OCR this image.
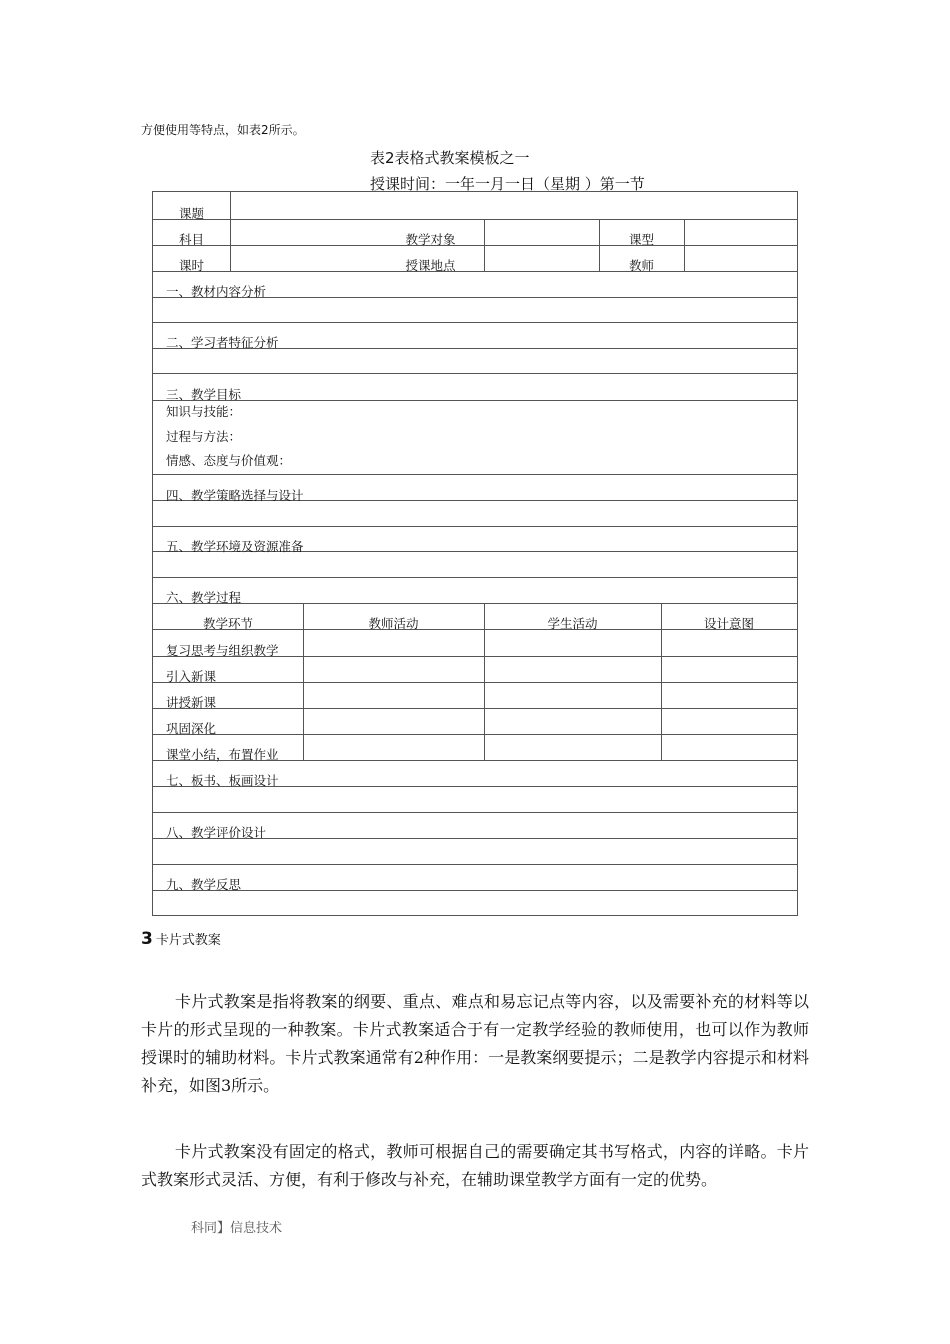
方便使用等特点，如表2所示。
表2表格式教案模板之一
授课时间：一年一月一日（星期 ）第一节
课题
科目	教学对象	课型
课时	授课地点	教师
一、教材内容分析
二、学习者特征分析
三、教学目标
知识与技能：
过程与方法：
情感、态度与价值观：
四、教学策略选择与设计
五、教学环境及资源准备
六、教学过程
教学环节	教师活动	学生活动	设计意图
复习思考与组织教学
引入新课
讲授新课
巩固深化
课堂小结，布置作业
七、板书、板画设计
八、教学评价设计
九、教学反思
3 卡片式教案
卡片式教案是指将教案的纲要、重点、难点和易忘记点等内容，以及需要补充的材料等以卡片的形式呈现的一种教案。卡片式教案适合于有一定教学经验的教师使用，也可以作为教师授课时的辅助材料。卡片式教案通常有2种作用：一是教案纲要提示；二是教学内容提示和材料补充，如图3所示。
卡片式教案没有固定的格式，教师可根据自己的需要确定其书写格式，内容的详略。卡片式教案形式灵活、方便，有利于修改与补充，在辅助课堂教学方面有一定的优势。
科同】信息技术
